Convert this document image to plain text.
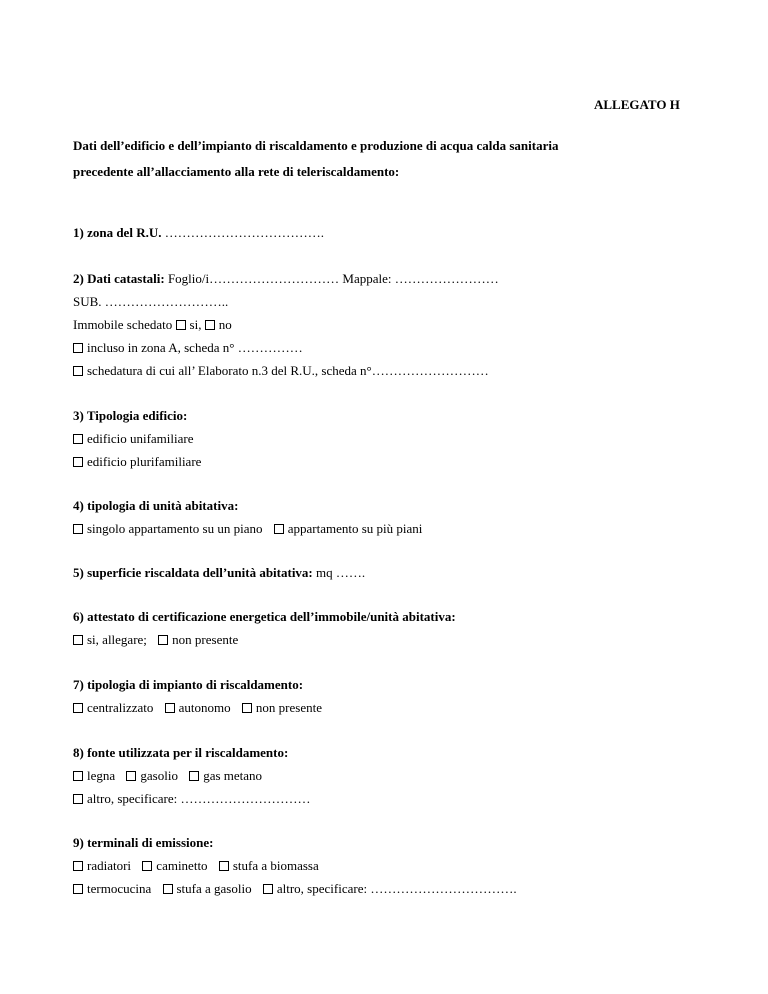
ALLEGATO H
Dati dell’edificio e dell’impianto di riscaldamento e produzione di acqua calda sanitaria
precedente all’allacciamento alla rete di teleriscaldamento:
1) zona del R.U. ……………………………….
2) Dati catastali: Foglio/i………………………… Mappale: ……………………
SUB. ………………………..
Immobile schedato si, no
incluso in zona A, scheda n° ……………
schedatura di cui all’ Elaborato n.3 del R.U., scheda n°………………………
3) Tipologia edificio:
edificio unifamiliare
edificio plurifamiliare
4) tipologia di unità abitativa:
singolo appartamento su un piano appartamento su più piani
5) superficie riscaldata dell’unità abitativa: mq …….
6) attestato di certificazione energetica dell’immobile/unità abitativa:
si, allegare; non presente
7) tipologia di impianto di riscaldamento:
centralizzato autonomo non presente
8) fonte utilizzata per il riscaldamento:
legna gasolio gas metano
altro, specificare: …………………………
9) terminali di emissione:
radiatori caminetto stufa a biomassa
termocucina stufa a gasolio altro, specificare: …………………………….
